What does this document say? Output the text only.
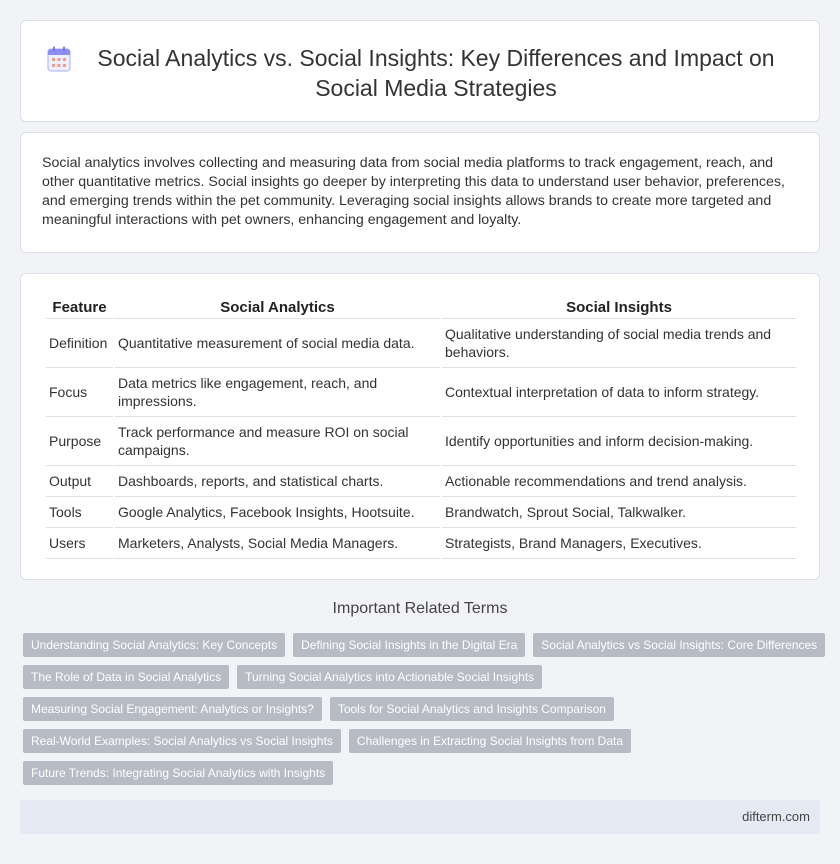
Social Analytics vs. Social Insights: Key Differences and Impact on Social Media Strategies

Social analytics involves collecting and measuring data from social media platforms to track engagement, reach, and other quantitative metrics. Social insights go deeper by interpreting this data to understand user behavior, preferences, and emerging trends within the pet community. Leveraging social insights allows brands to create more targeted and meaningful interactions with pet owners, enhancing engagement and loyalty.

Feature	Social Analytics	Social Insights
Definition	Quantitative measurement of social media data.	Qualitative understanding of social media trends and behaviors.
Focus	Data metrics like engagement, reach, and impressions.	Contextual interpretation of data to inform strategy.
Purpose	Track performance and measure ROI on social campaigns.	Identify opportunities and inform decision-making.
Output	Dashboards, reports, and statistical charts.	Actionable recommendations and trend analysis.
Tools	Google Analytics, Facebook Insights, Hootsuite.	Brandwatch, Sprout Social, Talkwalker.
Users	Marketers, Analysts, Social Media Managers.	Strategists, Brand Managers, Executives.
Important Related Terms
Understanding Social Analytics: Key Concepts	Defining Social Insights in the Digital Era	Social Analytics vs Social Insights: Core Differences
The Role of Data in Social Analytics	Turning Social Analytics into Actionable Social Insights
Measuring Social Engagement: Analytics or Insights?	Tools for Social Analytics and Insights Comparison
Real-World Examples: Social Analytics vs Social Insights	Challenges in Extracting Social Insights from Data
Future Trends: Integrating Social Analytics with Insights
difterm.com
